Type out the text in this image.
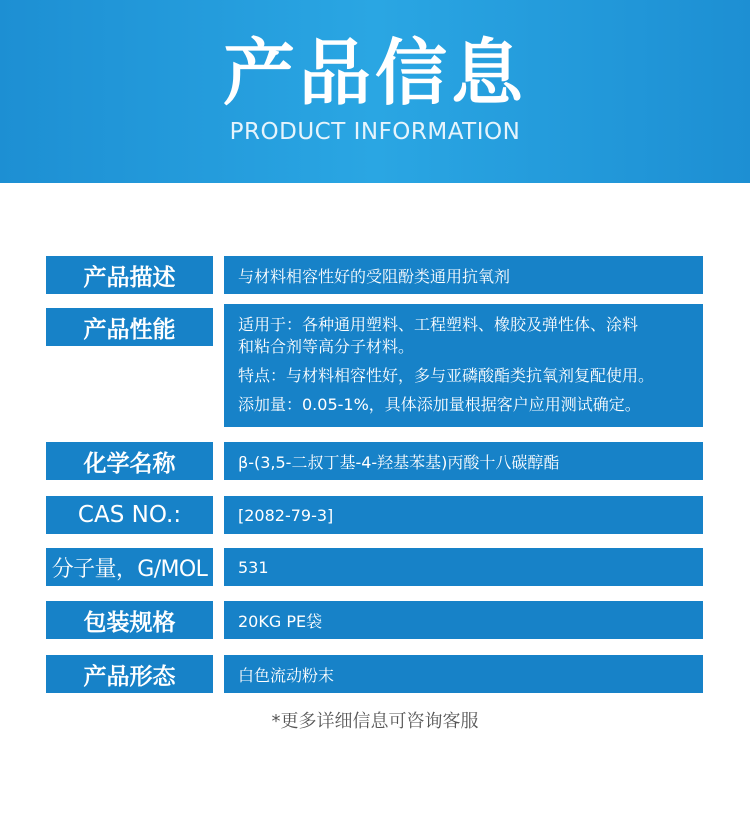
产品信息
PRODUCT INFORMATION
产品描述	与材料相容性好的受阻酚类通用抗氧剂
产品性能	适用于：各种通用塑料、工程塑料、橡胶及弹性体、涂料
和粘合剂等高分子材料。
特点：与材料相容性好，多与亚磷酸酯类抗氧剂复配使用。
添加量：0.05-1%，具体添加量根据客户应用测试确定。
化学名称	β-(3,5-二叔丁基-4-羟基苯基)丙酸十八碳醇酯
CAS NO.:	[2082-79-3]
分子量，G/MOL	531
包装规格	20KG PE袋
产品形态	白色流动粉末
*更多详细信息可咨询客服
